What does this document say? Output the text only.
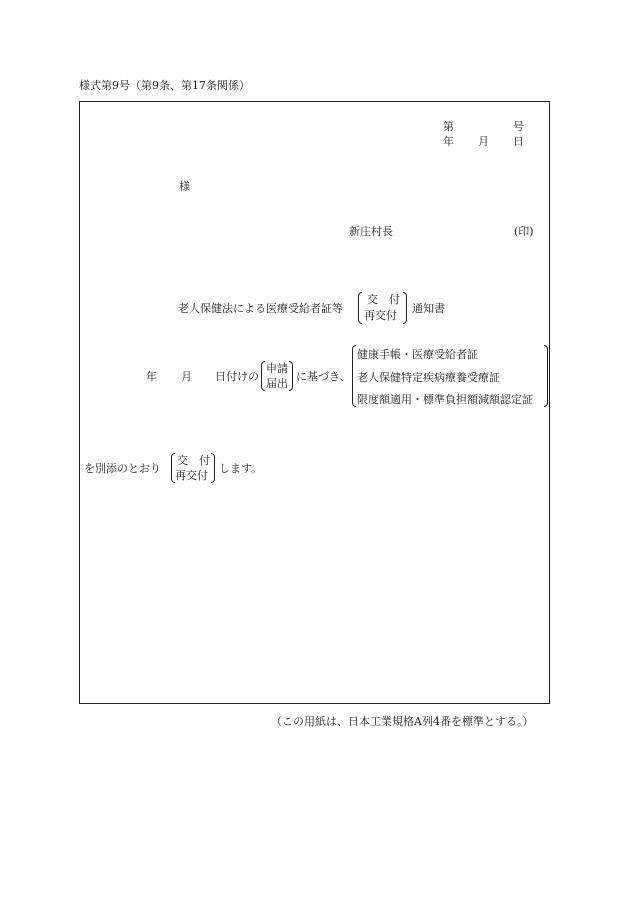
様式第9号（第9条、第17条関係）
第	号
年 月 日
様
新庄村長	(印)
老人保健法による医療受給者証等
交　付
再交付
通知書
年 月 日付けの
申請
届出
に基づき、
健康手帳・医療受給者証
老人保健特定疾病療養受療証
限度額適用・標準負担額減額認定証
を別添のとおり
交　付
再交付
します。
（この用紙は、日本工業規格A列4番を標準とする。）
